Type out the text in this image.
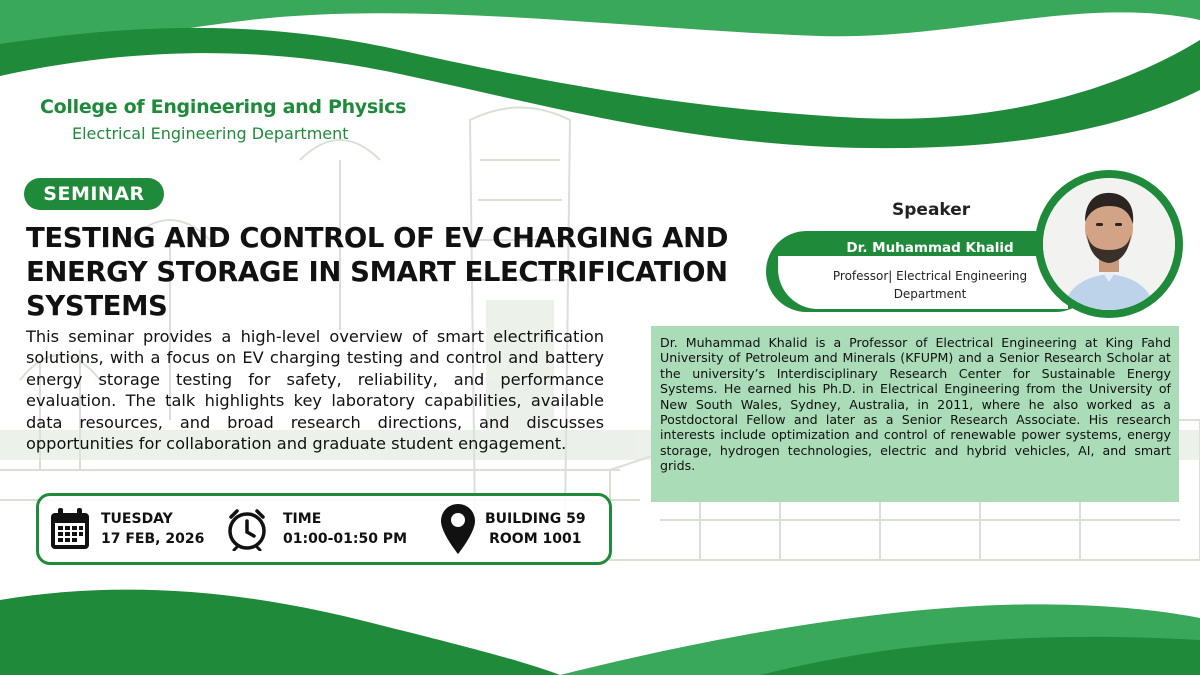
College of Engineering and Physics

Electrical Engineering Department

SEMINAR
TESTING AND CONTROL OF EV CHARGING AND ENERGY STORAGE IN SMART ELECTRIFICATION SYSTEMS

This seminar provides a high-level overview of smart electrification solutions, with a focus on EV charging testing and control and battery energy storage testing for safety, reliability, and performance evaluation. The talk highlights key laboratory capabilities, available data resources, and broad research directions, and discusses opportunities for collaboration and graduate student engagement.

TUESDAY
17 FEB, 2026
TIME
01:00-01:50 PM
BUILDING 59
ROOM 1001

Speaker

Dr. Muhammad Khalid

Professor| Electrical Engineering Department

Dr. Muhammad Khalid is a Professor of Electrical Engineering at King Fahd University of Petroleum and Minerals (KFUPM) and a Senior Research Scholar at the university’s Interdisciplinary Research Center for Sustainable Energy Systems. He earned his Ph.D. in Electrical Engineering from the University of New South Wales, Sydney, Australia, in 2011, where he also worked as a Postdoctoral Fellow and later as a Senior Research Associate. His research interests include optimization and control of renewable power systems, energy storage, hydrogen technologies, electric and hybrid vehicles, AI, and smart grids.
